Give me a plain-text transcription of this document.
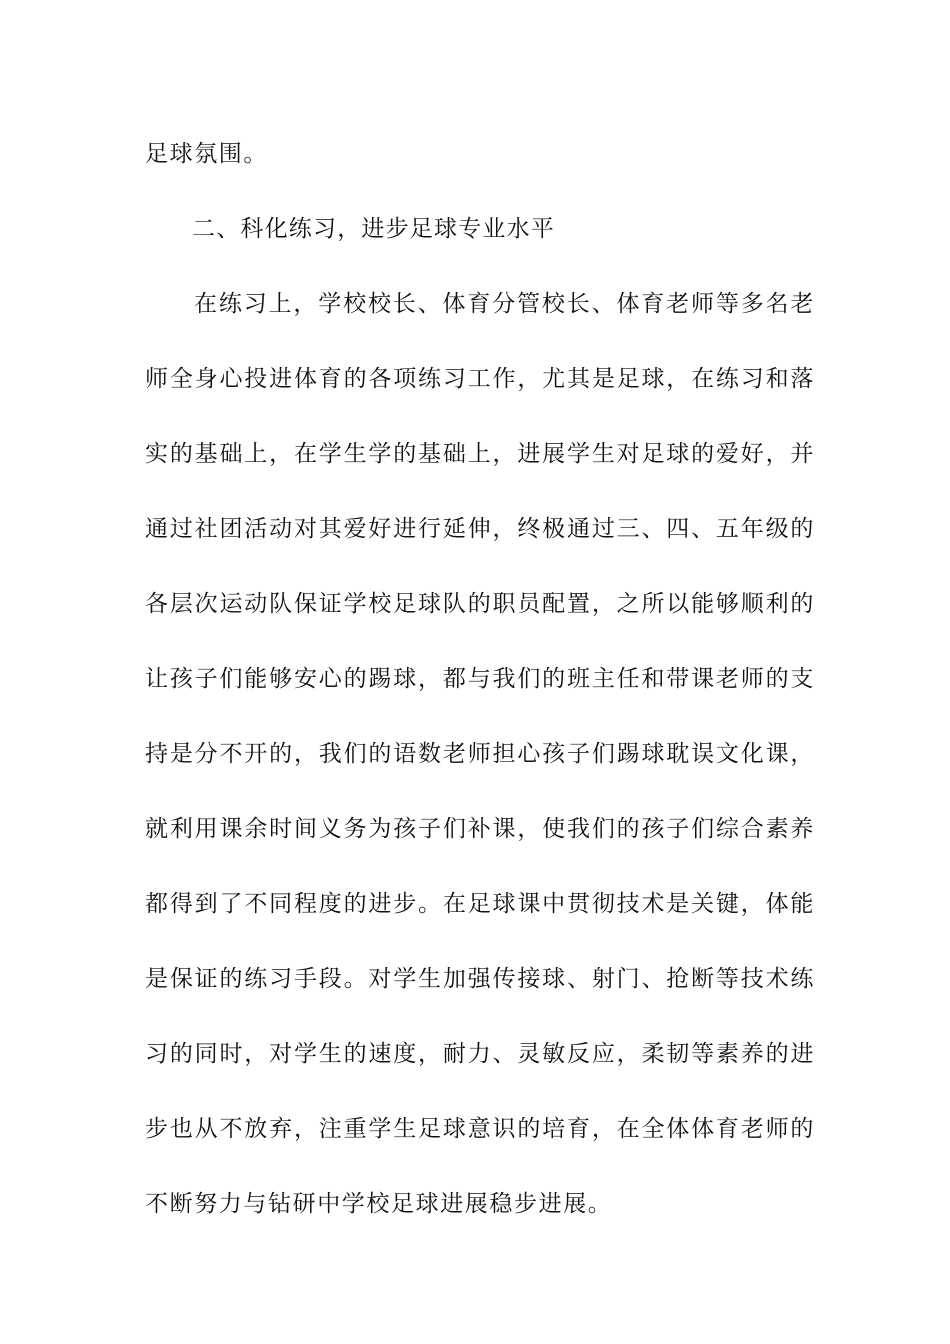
足球氛围。
二、科化练习，进步足球专业水平
在练习上，学校校长、体育分管校长、体育老师等多名老
师全身心投进体育的各项练习工作，尤其是足球，在练习和落
实的基础上，在学生学的基础上，进展学生对足球的爱好，并
通过社团活动对其爱好进行延伸，终极通过三、四、五年级的
各层次运动队保证学校足球队的职员配置，之所以能够顺利的
让孩子们能够安心的踢球，都与我们的班主任和带课老师的支
持是分不开的，我们的语数老师担心孩子们踢球耽误文化课，
就利用课余时间义务为孩子们补课，使我们的孩子们综合素养
都得到了不同程度的进步。在足球课中贯彻技术是关键，体能
是保证的练习手段。对学生加强传接球、射门、抢断等技术练
习的同时，对学生的速度，耐力、灵敏反应，柔韧等素养的进
步也从不放弃，注重学生足球意识的培育，在全体体育老师的
不断努力与钻研中学校足球进展稳步进展。
